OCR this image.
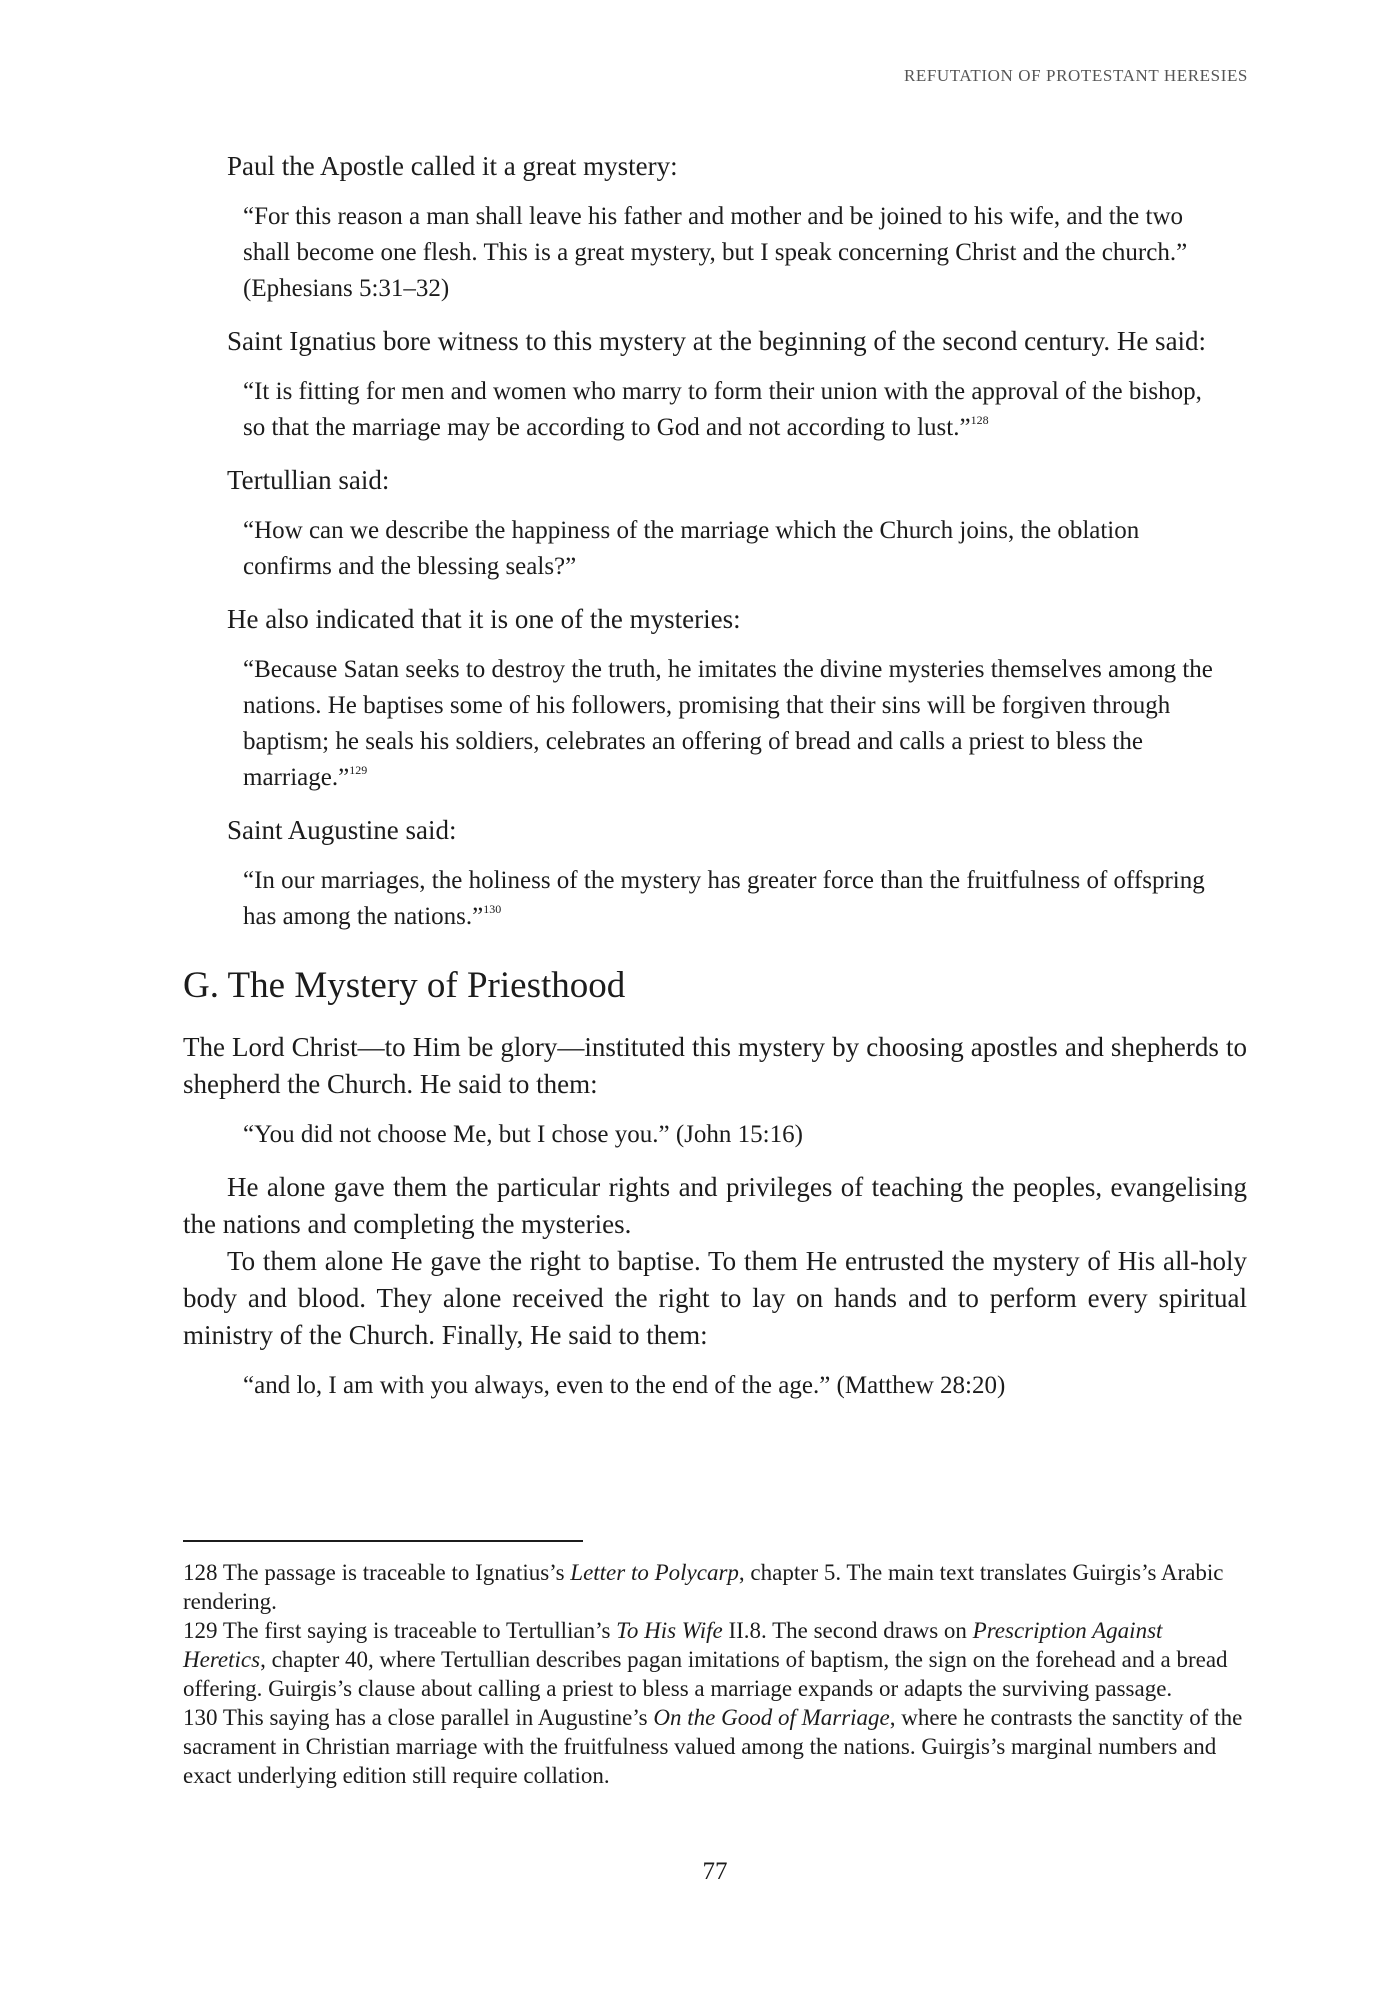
REFUTATION OF PROTESTANT HERESIES

Paul the Apostle called it a great mystery:

“For this reason a man shall leave his father and mother and be joined to his wife, and the two shall become one flesh. This is a great mystery, but I speak concerning Christ and the church.” (Ephesians 5:31–32)

Saint Ignatius bore witness to this mystery at the beginning of the second century. He said:

“It is fitting for men and women who marry to form their union with the approval of the bishop, so that the marriage may be according to God and not according to lust.”$^{128}$

Tertullian said:

“How can we describe the happiness of the marriage which the Church joins, the oblation confirms and the blessing seals?”

He also indicated that it is one of the mysteries:

“Because Satan seeks to destroy the truth, he imitates the divine mysteries themselves among the nations. He baptises some of his followers, promising that their sins will be forgiven through baptism; he seals his soldiers, celebrates an offering of bread and calls a priest to bless the marriage.”$^{129}$

Saint Augustine said:

“In our marriages, the holiness of the mystery has greater force than the fruitfulness of offspring has among the nations.”$^{130}$

G. The Mystery of Priesthood

The Lord Christ—to Him be glory—instituted this mystery by choosing apostles and shepherds to shepherd the Church. He said to them:

“You did not choose Me, but I chose you.” (John 15:16)

He alone gave them the particular rights and privileges of teaching the peoples, evangelising the nations and completing the mysteries.

To them alone He gave the right to baptise. To them He entrusted the mystery of His all-holy body and blood. They alone received the right to lay on hands and to perform every spiritual ministry of the Church. Finally, He said to them:

“and lo, I am with you always, even to the end of the age.” (Matthew 28:20)

128 The passage is traceable to Ignatius’s Letter to Polycarp, chapter 5. The main text translates Guirgis’s Arabic rendering.

129 The first saying is traceable to Tertullian’s To His Wife II.8. The second draws on Prescription Against Heretics, chapter 40, where Tertullian describes pagan imitations of baptism, the sign on the forehead and a bread offering. Guirgis’s clause about calling a priest to bless a marriage expands or adapts the surviving passage.

130 This saying has a close parallel in Augustine’s On the Good of Marriage, where he contrasts the sanctity of the sacrament in Christian marriage with the fruitfulness valued among the nations. Guirgis’s marginal numbers and exact underlying edition still require collation.

77
